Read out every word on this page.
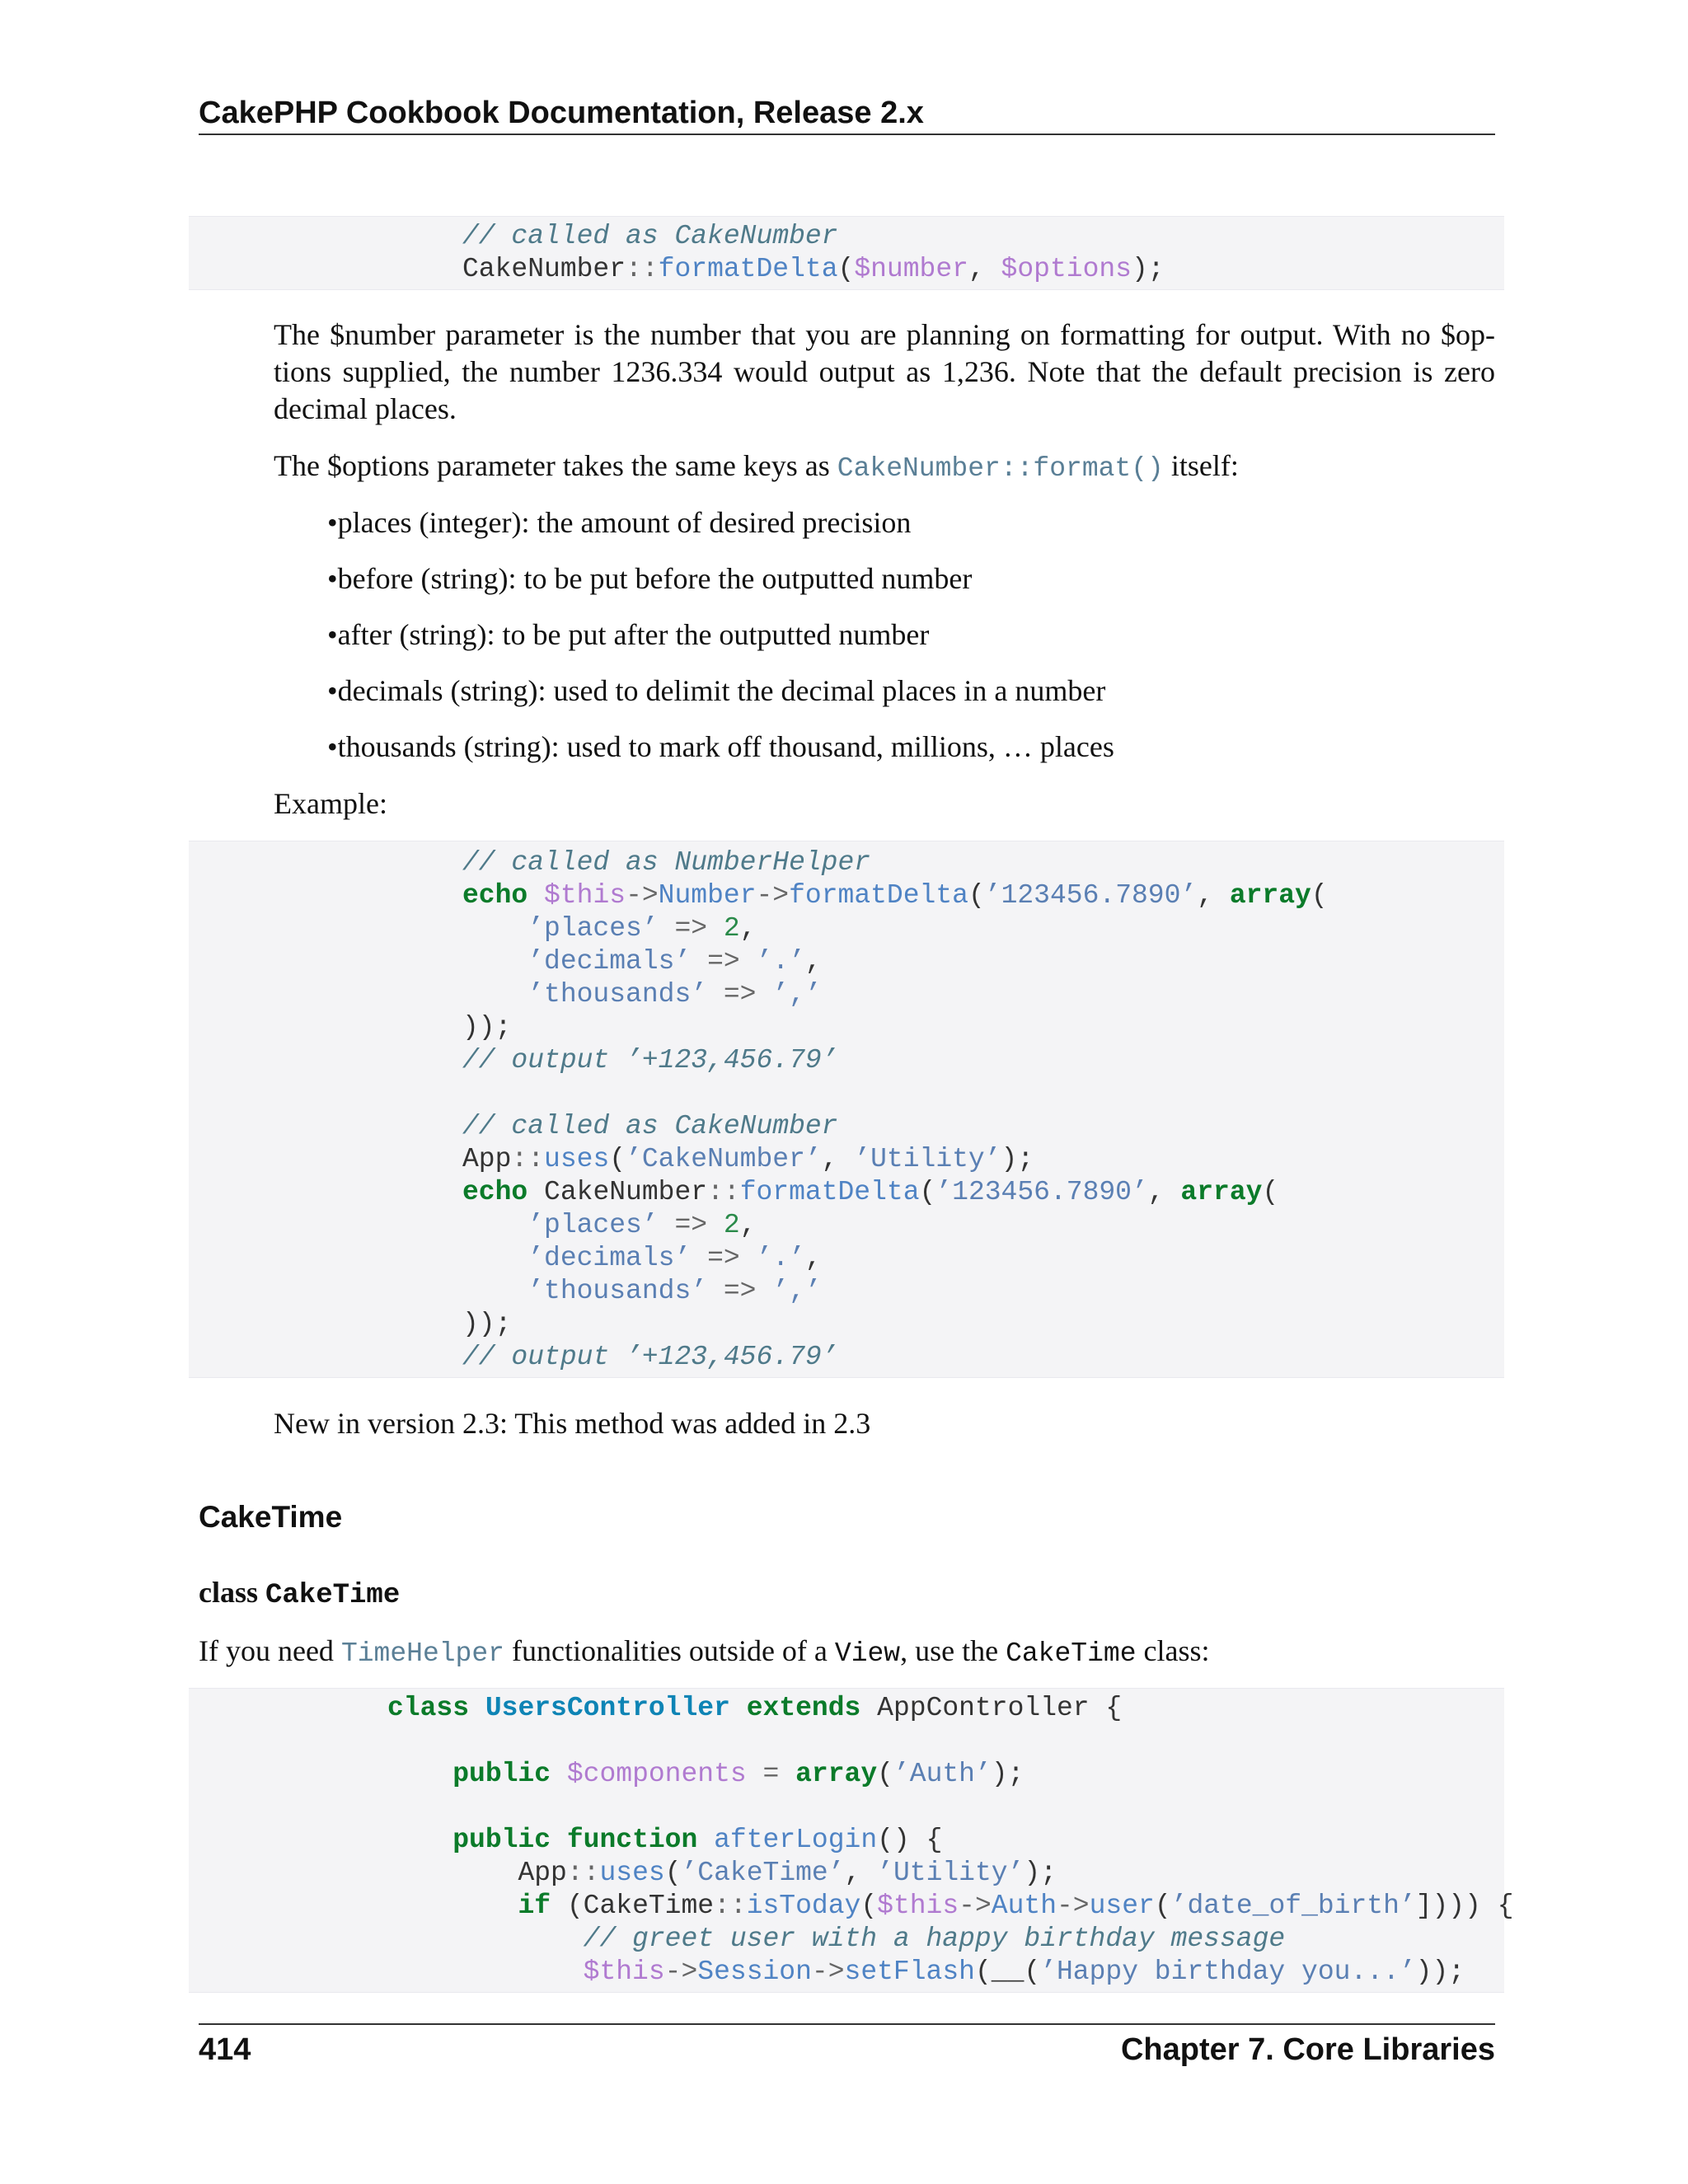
CakePHP Cookbook Documentation, Release 2.x
// called as CakeNumber
CakeNumber::formatDelta($number, $options);
The $number parameter is the number that you are planning on formatting for output. With no $op- tions supplied, the number 1236.334 would output as 1,236. Note that the default precision is zero decimal places.
The $options parameter takes the same keys as CakeNumber::format() itself:
•places (integer): the amount of desired precision
•before (string): to be put before the outputted number
•after (string): to be put after the outputted number
•decimals (string): used to delimit the decimal places in a number
•thousands (string): used to mark off thousand, millions, … places
Example:
// called as NumberHelper
echo $this->Number->formatDelta(’123456.7890’, array(
’places’ => 2,
’decimals’ => ’.’,
’thousands’ => ’,’
));
// output ’+123,456.79’

// called as CakeNumber
App::uses(’CakeNumber’, ’Utility’);
echo CakeNumber::formatDelta(’123456.7890’, array(
’places’ => 2,
’decimals’ => ’.’,
’thousands’ => ’,’
));
// output ’+123,456.79’
New in version 2.3: This method was added in 2.3
CakeTime
class CakeTime
If you need TimeHelper functionalities outside of a View, use the CakeTime class:
class UsersController extends AppController {

public $components = array(’Auth’);

public function afterLogin() {
App::uses(’CakeTime’, ’Utility’);
if (CakeTime::isToday($this->Auth->user(’date_of_birth’]))) {
// greet user with a happy birthday message
$this->Session->setFlash(__(’Happy birthday you...’));
414	Chapter 7. Core Libraries
